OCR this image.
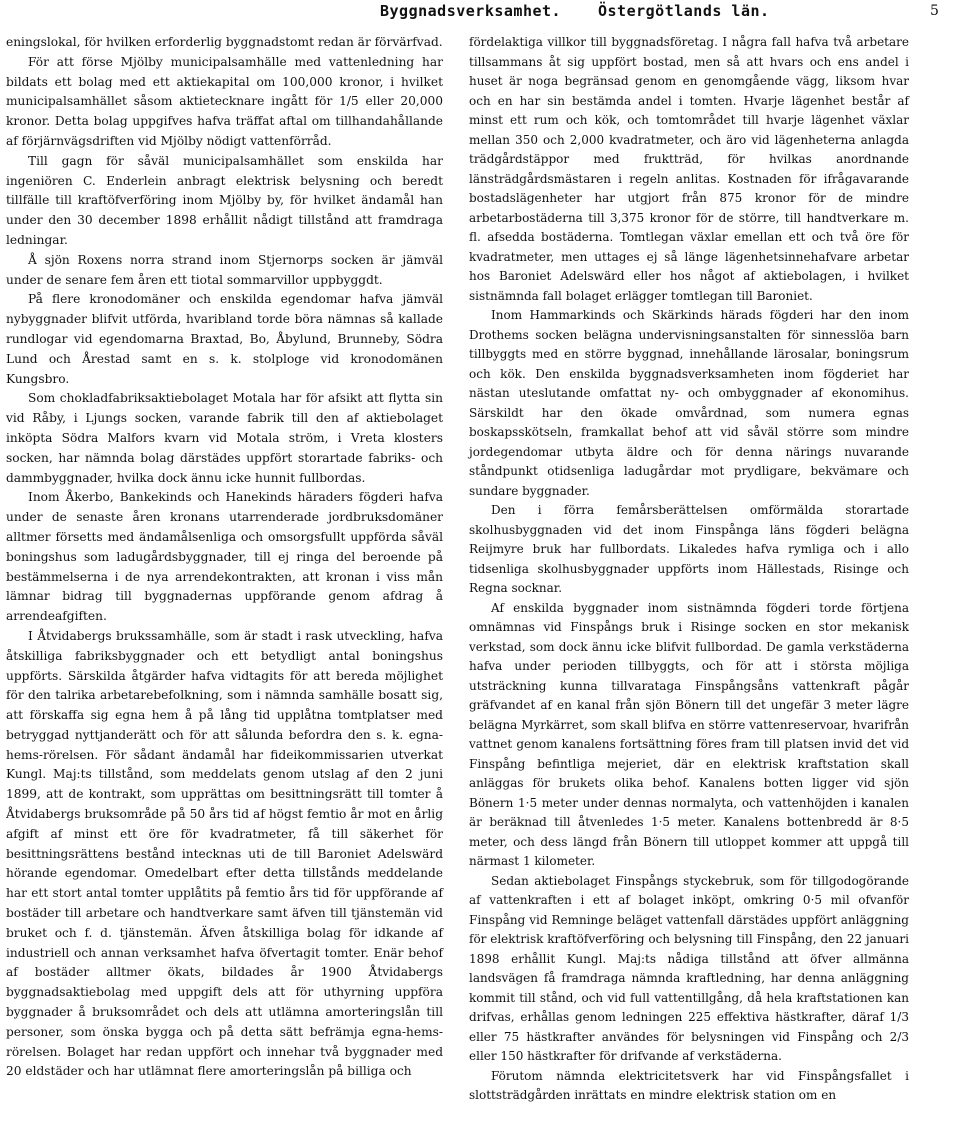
Byggnadsverksamhet. Östergötlands län.	5

eningslokal, för hvilken erforderlig byggnadstomt redan är förvärfvad.

För att förse Mjölby municipalsamhälle med vattenledning har bildats ett bolag med ett aktiekapital om 100,000 kronor, i hvilket municipalsamhället såsom aktietecknare ingått för 1/5 eller 20,000 kronor. Detta bolag uppgifves hafva träffat aftal om tillhandahållande af förjärnvägsdriften vid Mjölby nödigt vattenförråd.

Till gagn för såväl municipalsamhället som enskilda har ingeniören C. Enderlein anbragt elektrisk belysning och beredt tillfälle till kraftöfverföring inom Mjölby by, för hvilket ändamål han under den 30 december 1898 erhållit nådigt tillstånd att framdraga ledningar.

Å sjön Roxens norra strand inom Stjernorps socken är jämväl under de senare fem åren ett tiotal sommarvillor uppbyggdt.

På flere kronodomäner och enskilda egendomar hafva jämväl nybyggnader blifvit utförda, hvaribland torde böra nämnas så kallade rundlogar vid egendomarna Braxtad, Bo, Åbylund, Brunneby, Södra Lund och Årestad samt en s. k. stolploge vid kronodomänen Kungsbro.

Som chokladfabriksaktiebolaget Motala har för afsikt att flytta sin vid Råby, i Ljungs socken, varande fabrik till den af aktiebolaget inköpta Södra Malfors kvarn vid Motala ström, i Vreta klosters socken, har nämnda bolag därstädes uppfört storartade fabriks- och dammbyggnader, hvilka dock ännu icke hunnit fullbordas.

Inom Åkerbo, Bankekinds och Hanekinds häraders fögderi hafva under de senaste åren kronans utarrenderade jordbruksdomäner alltmer försetts med ändamålsenliga och omsorgsfullt uppförda såväl boningshus som ladugårdsbyggnader, till ej ringa del beroende på bestämmelserna i de nya arrendekontrakten, att kronan i viss mån lämnar bidrag till byggnadernas uppförande genom afdrag å arrendeafgiften.

I Åtvidabergs brukssamhälle, som är stadt i rask utveckling, hafva åtskilliga fabriksbyggnader och ett betydligt antal boningshus uppförts. Särskilda åtgärder hafva vidtagits för att bereda möjlighet för den talrika arbetarebefolkning, som i nämnda samhälle bosatt sig, att förskaffa sig egna hem å på lång tid upplåtna tomtplatser med betryggad nyttjanderätt och för att sålunda befordra den s. k. egna-hems-rörelsen. För sådant ändamål har fideikommissarien utverkat Kungl. Maj:ts tillstånd, som meddelats genom utslag af den 2 juni 1899, att de kontrakt, som upprättas om besittningsrätt till tomter å Åtvidabergs bruksområde på 50 års tid af högst femtio år mot en årlig afgift af minst ett öre för kvadratmeter, få till säkerhet för besittningsrättens bestånd intecknas uti de till Baroniet Adelswärd hörande egendomar. Omedelbart efter detta tillstånds meddelande har ett stort antal tomter upplåtits på femtio års tid för uppförande af bostäder till arbetare och handtverkare samt äfven till tjänstemän vid bruket och f. d. tjänstemän. Äfven åtskilliga bolag för idkande af industriell och annan verksamhet hafva öfvertagit tomter. Enär behof af bostäder alltmer ökats, bildades år 1900 Åtvidabergs byggnadsaktiebolag med uppgift dels att för uthyrning uppföra byggnader å bruksområdet och dels att utlämna amorteringslån till personer, som önska bygga och på detta sätt befrämja egna-hems-rörelsen. Bolaget har redan uppfört och innehar två byggnader med 20 eldstäder och har utlämnat flere amorteringslån på billiga och

fördelaktiga villkor till byggnadsföretag. I några fall hafva två arbetare tillsammans åt sig uppfört bostad, men så att hvars och ens andel i huset är noga begränsad genom en genomgående vägg, liksom hvar och en har sin bestämda andel i tomten. Hvarje lägenhet består af minst ett rum och kök, och tomtområdet till hvarje lägenhet växlar mellan 350 och 2,000 kvadratmeter, och äro vid lägenheterna anlagda trädgårdstäppor med fruktträd, för hvilkas anordnande länsträdgårdsmästaren i regeln anlitas. Kostnaden för ifrågavarande bostadslägenheter har utgjort från 875 kronor för de mindre arbetarbostäderna till 3,375 kronor för de större, till handtverkare m. fl. afsedda bostäderna. Tomtlegan växlar emellan ett och två öre för kvadratmeter, men uttages ej så länge lägenhetsinnehafvare arbetar hos Baroniet Adelswärd eller hos något af aktiebolagen, i hvilket sistnämnda fall bolaget erlägger tomtlegan till Baroniet.

Inom Hammarkinds och Skärkinds härads fögderi har den inom Drothems socken belägna undervisningsanstalten för sinnesslöa barn tillbyggts med en större byggnad, innehållande lärosalar, boningsrum och kök. Den enskilda byggnadsverksamheten inom fögderiet har nästan uteslutande omfattat ny- och ombyggnader af ekonomihus. Särskildt har den ökade omvårdnad, som numera egnas boskapsskötseln, framkallat behof att vid såväl större som mindre jordegendomar utbyta äldre och för denna närings nuvarande ståndpunkt otidsenliga ladugårdar mot prydligare, bekvämare och sundare byggnader.

Den i förra femårsberättelsen omförmälda storartade skolhusbyggnaden vid det inom Finspånga läns fögderi belägna Reijmyre bruk har fullbordats. Likaledes hafva rymliga och i allo tidsenliga skolhusbyggnader uppförts inom Hällestads, Risinge och Regna socknar.

Af enskilda byggnader inom sistnämnda fögderi torde förtjena omnämnas vid Finspångs bruk i Risinge socken en stor mekanisk verkstad, som dock ännu icke blifvit fullbordad. De gamla verkstäderna hafva under perioden tillbyggts, och för att i största möjliga utsträckning kunna tillvarataga Finspångsåns vattenkraft pågår gräfvandet af en kanal från sjön Bönern till det ungefär 3 meter lägre belägna Myrkärret, som skall blifva en större vattenreservoar, hvarifrån vattnet genom kanalens fortsättning föres fram till platsen invid det vid Finspång befintliga mejeriet, där en elektrisk kraftstation skall anläggas för brukets olika behof. Kanalens botten ligger vid sjön Bönern 1·5 meter under dennas normalyta, och vattenhöjden i kanalen är beräknad till åtvenledes 1·5 meter. Kanalens bottenbredd är 8·5 meter, och dess längd från Bönern till utloppet kommer att uppgå till närmast 1 kilometer.

Sedan aktiebolaget Finspångs styckebruk, som för tillgodogörande af vattenkraften i ett af bolaget inköpt, omkring 0·5 mil ofvanför Finspång vid Remninge beläget vattenfall därstädes uppfört anläggning för elektrisk kraftöfverföring och belysning till Finspång, den 22 januari 1898 erhållit Kungl. Maj:ts nådiga tillstånd att öfver allmänna landsvägen få framdraga nämnda kraftledning, har denna anläggning kommit till stånd, och vid full vattentillgång, då hela kraftstationen kan drifvas, erhållas genom ledningen 225 effektiva hästkrafter, däraf 1/3 eller 75 hästkrafter användes för belysningen vid Finspång och 2/3 eller 150 hästkrafter för drifvande af verkstäderna.

Förutom nämnda elektricitetsverk har vid Finspångsfallet i slottsträdgården inrättats en mindre elektrisk station om en
